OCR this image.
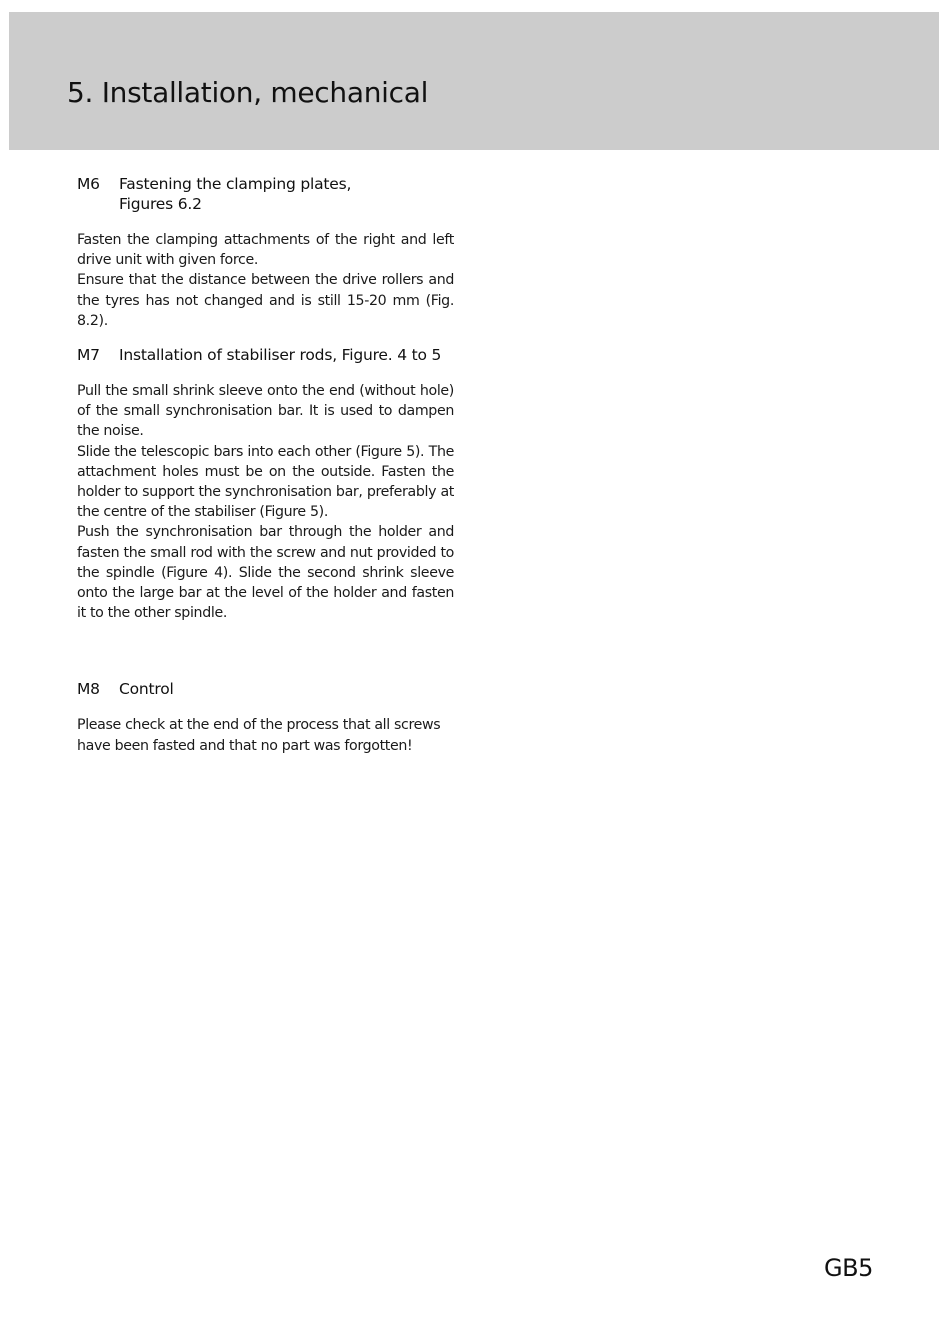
5. Installation, mechanical
M6	Fastening the clamping plates,
Figures 6.2

Fasten the clamping attachments of the right and left drive unit with given force.

Ensure that the distance between the drive rollers and the tyres has not changed and is still 15-20 mm (Fig. 8.2).

M7	Installation of stabiliser rods, Figure. 4 to 5

Pull the small shrink sleeve onto the end (without hole) of the small synchronisation bar. It is used to dampen the noise.

Slide the telescopic bars into each other (Figure 5). The attachment holes must be on the outside. Fasten the holder to support the synchronisation bar, preferably at the centre of the stabiliser (Figure 5).

Push the synchronisation bar through the holder and fasten the small rod with the screw and nut provided to the spindle (Figure 4). Slide the second shrink sleeve onto the large bar at the level of the holder and fasten it to the other spindle.

M8	Control

Please check at the end of the process that all screws have been fasted and that no part was forgotten!

GB5
